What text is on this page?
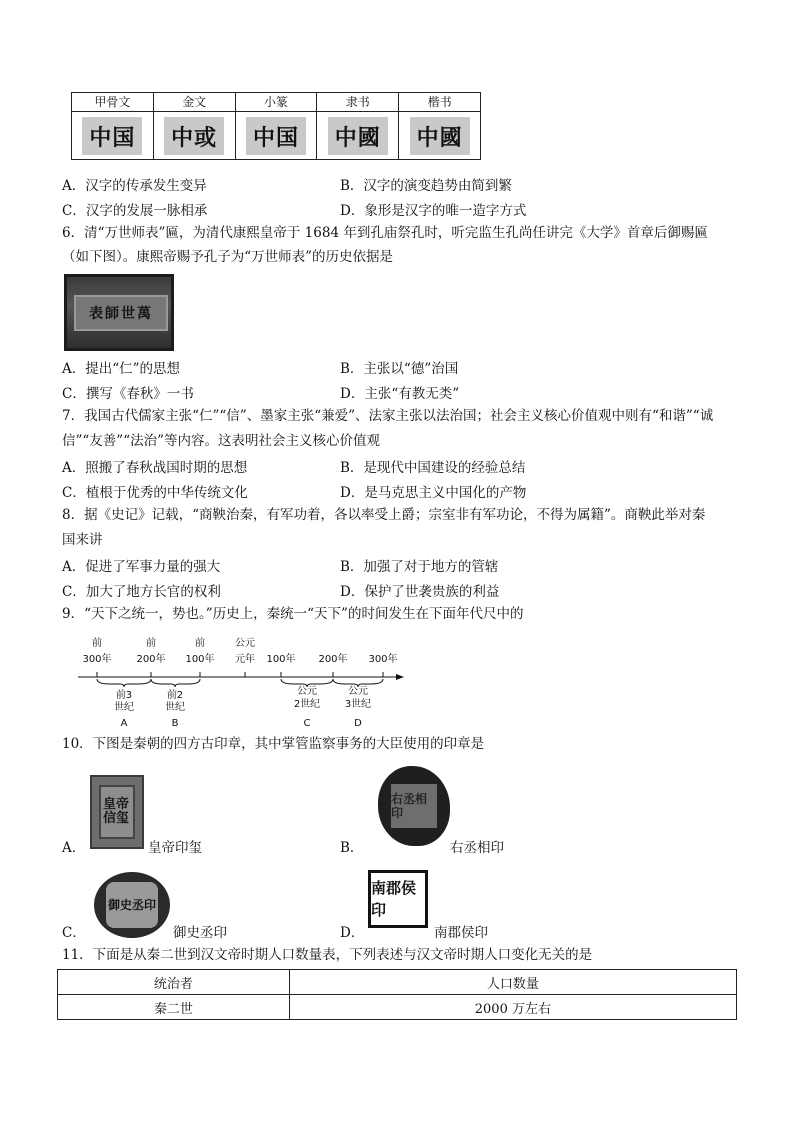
甲骨文	金文	小篆	隶书	楷书
中国	中或	中国	中國	中國
A．汉字的传承发生变异	B．汉字的演变趋势由简到繁
C．汉字的发展一脉相承	D．象形是汉字的唯一造字方式
6．清“万世师表”匾，为清代康熙皇帝于 1684 年到孔庙祭孔时，听完监生孔尚任讲完《大学》首章后御赐匾
（如下图）。康熙帝赐予孔子为“万世师表”的历史依据是
表師世萬
A．提出“仁”的思想	B．主张以“德”治国
C．撰写《春秋》一书	D．主张“有教无类”
7．我国古代儒家主张“仁”“信”、墨家主张“兼爱”、法家主张以法治国；社会主义核心价值观中则有“和谐”“诚
信”“友善”“法治”等内容。这表明社会主义核心价值观
A．照搬了春秋战国时期的思想	B．是现代中国建设的经验总结
C．植根于优秀的中华传统文化	D．是马克思主义中国化的产物
8．据《史记》记载，“商鞅治秦，有军功着，各以率受上爵；宗室非有军功论，不得为属籍”。商鞅此举对秦
国来讲
A．促进了军事力量的强大	B．加强了对于地方的管辖
C．加大了地方长官的权利	D．保护了世袭贵族的利益
9．“天下之统一，势也。”历史上，秦统一“天下”的时间发生在下面年代尺中的
前
300年
前
200年
前
100年
公元
元年 100年 200年 300年
前3
世纪
A
前2
世纪
B
公元
2世纪
C
公元
3世纪
D
10．下图是秦朝的四方古印章，其中掌管监察事务的大臣使用的印章是
A．
皇帝信玺
皇帝印玺	B．
右丞相印
右丞相印
C．
御史丞印
御史丞印	D．
南郡侯印
南郡侯印
11．下面是从秦二世到汉文帝时期人口数量表，下列表述与汉文帝时期人口变化无关的是
统治者	人口数量
秦二世	2000 万左右
